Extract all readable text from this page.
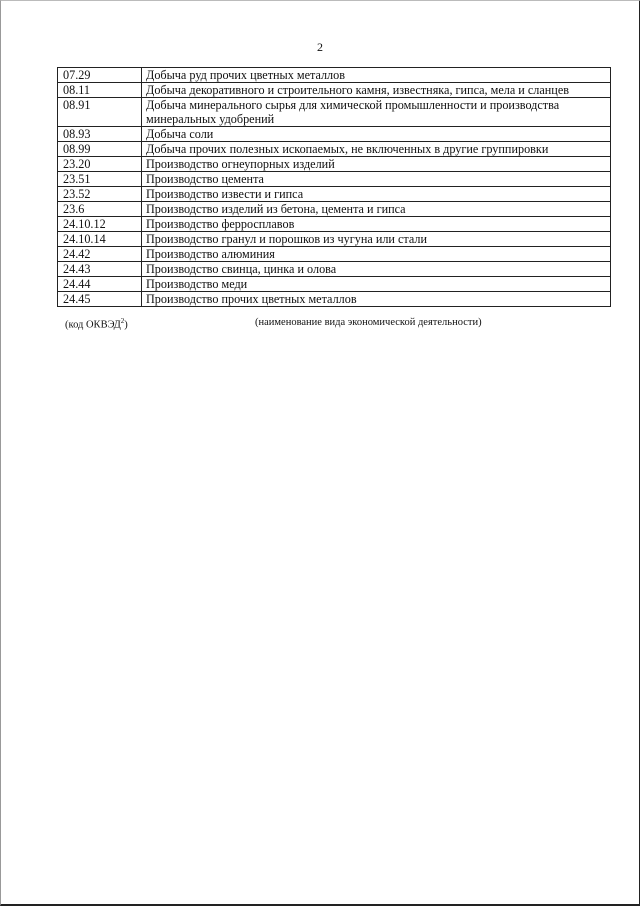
2
07.29	Добыча руд прочих цветных металлов
08.11	Добыча декоративного и строительного камня, известняка, гипса, мела и сланцев
08.91	Добыча минерального сырья для химической промышленности и производства минеральных удобрений
08.93	Добыча соли
08.99	Добыча прочих полезных ископаемых, не включенных в другие группировки
23.20	Производство огнеупорных изделий
23.51	Производство цемента
23.52	Производство извести и гипса
23.6	Производство изделий из бетона, цемента и гипса
24.10.12	Производство ферросплавов
24.10.14	Производство гранул и порошков из чугуна или стали
24.42	Производство алюминия
24.43	Производство свинца, цинка и олова
24.44	Производство меди
24.45	Производство прочих цветных металлов
(код ОКВЭД$^2$)	(наименование вида экономической деятельности)
